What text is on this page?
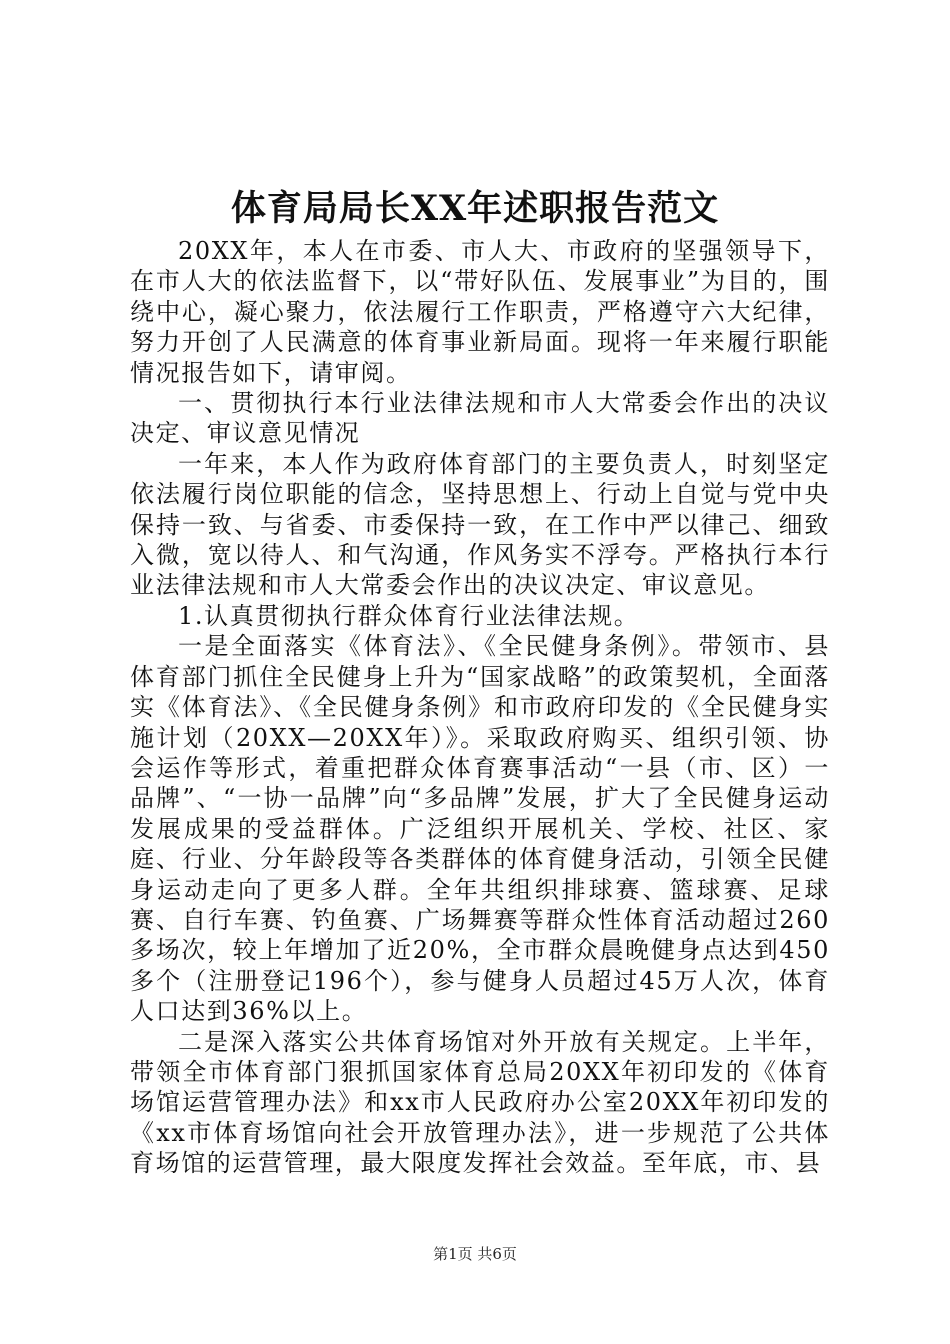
体育局局长XX年述职报告范文

20XX年，本人在市委、市人大、市政府的坚强领导下，在市人大的依法监督下，以“带好队伍、发展事业”为目的，围绕中心，凝心聚力，依法履行工作职责，严格遵守六大纪律，努力开创了人民满意的体育事业新局面。现将一年来履行职能情况报告如下，请审阅。

一、贯彻执行本行业法律法规和市人大常委会作出的决议决定、审议意见情况

一年来，本人作为政府体育部门的主要负责人，时刻坚定依法履行岗位职能的信念，坚持思想上、行动上自觉与党中央保持一致、与省委、市委保持一致，在工作中严以律己、细致入微，宽以待人、和气沟通，作风务实不浮夸。严格执行本行业法律法规和市人大常委会作出的决议决定、审议意见。

1.认真贯彻执行群众体育行业法律法规。

一是全面落实《体育法》、《全民健身条例》。带领市、县体育部门抓住全民健身上升为“国家战略”的政策契机，全面落实《体育法》、《全民健身条例》和市政府印发的《全民健身实施计划（20XX—20XX年）》。采取政府购买、组织引领、协会运作等形式，着重把群众体育赛事活动“一县（市、区）一品牌”、“一协一品牌”向“多品牌”发展，扩大了全民健身运动发展成果的受益群体。广泛组织开展机关、学校、社区、家庭、行业、分年龄段等各类群体的体育健身活动，引领全民健身运动走向了更多人群。全年共组织排球赛、篮球赛、足球赛、自行车赛、钓鱼赛、广场舞赛等群众性体育活动超过260多场次，较上年增加了近20%，全市群众晨晚健身点达到450多个（注册登记196个），参与健身人员超过45万人次，体育人口达到36%以上。

二是深入落实公共体育场馆对外开放有关规定。上半年，带领全市体育部门狠抓国家体育总局20XX年初印发的《体育场馆运营管理办法》和xx市人民政府办公室20XX年初印发的《xx市体育场馆向社会开放管理办法》，进一步规范了公共体育场馆的运营管理，最大限度发挥社会效益。至年底，市、县

第1页 共6页
